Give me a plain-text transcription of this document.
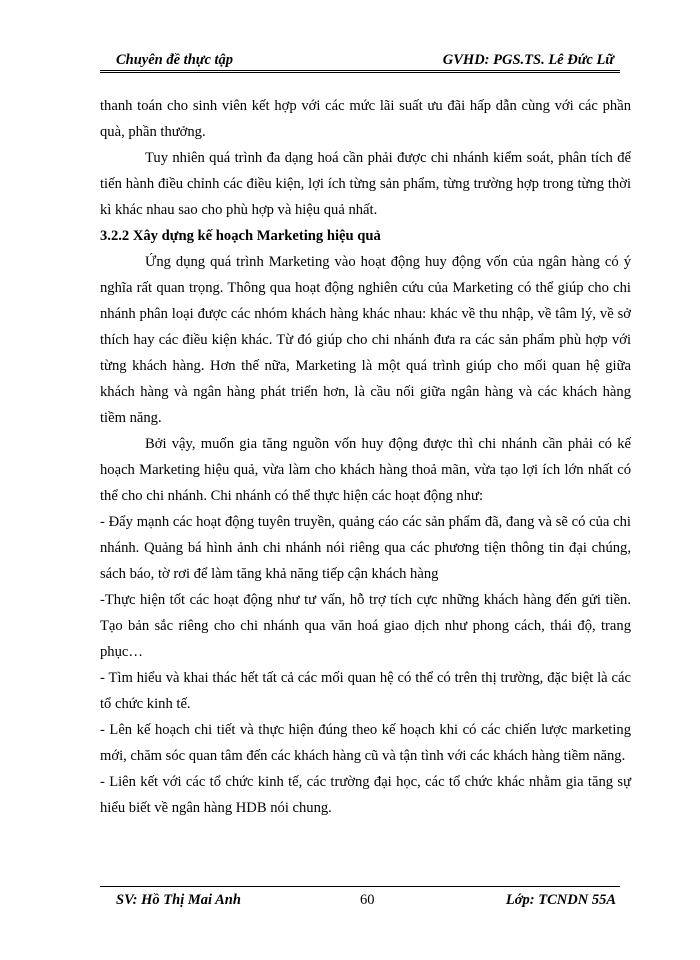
Chuyên đề thực tập	GVHD: PGS.TS. Lê Đức Lữ

thanh toán cho sinh viên kết hợp với các mức lãi suất ưu đãi hấp dẫn cùng với các phần quà, phần thưởng.

Tuy nhiên quá trình đa dạng hoá cần phải được chi nhánh kiểm soát, phân tích để tiến hành điều chỉnh các điều kiện, lợi ích từng sản phẩm, từng trường hợp trong từng thời kì khác nhau sao cho phù hợp và hiệu quả nhất.

3.2.2 Xây dựng kế hoạch Marketing hiệu quả

Ứng dụng quá trình Marketing vào hoạt động huy động vốn của ngân hàng có ý nghĩa rất quan trọng. Thông qua hoạt động nghiên cứu của Marketing có thể giúp cho chi nhánh phân loại được các nhóm khách hàng khác nhau: khác về thu nhập, về tâm lý, về sở thích hay các điều kiện khác. Từ đó giúp cho chi nhánh đưa ra các sản phẩm phù hợp với từng khách hàng. Hơn thế nữa, Marketing là một quá trình giúp cho mối quan hệ giữa khách hàng và ngân hàng phát triển hơn, là cầu nối giữa ngân hàng và các khách hàng tiềm năng.

Bởi vậy, muốn gia tăng nguồn vốn huy động được thì chi nhánh cần phải có kế hoạch Marketing hiệu quả, vừa làm cho khách hàng thoả mãn, vừa tạo lợi ích lớn nhất có thể cho chi nhánh. Chi nhánh có thể thực hiện các hoạt động như:

- Đẩy mạnh các hoạt động tuyên truyền, quảng cáo các sản phẩm đã, đang và sẽ có của chi nhánh. Quảng bá hình ảnh chi nhánh nói riêng qua các phương tiện thông tin đại chúng, sách báo, tờ rơi để làm tăng khả năng tiếp cận khách hàng

-Thực hiện tốt các hoạt động như tư vấn, hỗ trợ tích cực những khách hàng đến gửi tiền. Tạo bản sắc riêng cho chi nhánh qua văn hoá giao dịch như phong cách, thái độ, trang phục…

- Tìm hiểu và khai thác hết tất cả các mối quan hệ có thể có trên thị trường, đặc biệt là các tổ chức kinh tế.

- Lên kế hoạch chi tiết và thực hiện đúng theo kế hoạch khi có các chiến lược marketing mới, chăm sóc quan tâm đến các khách hàng cũ và tận tình với các khách hàng tiềm năng.

- Liên kết với các tổ chức kinh tế, các trường đại học, các tổ chức khác nhằm gia tăng sự hiểu biết về ngân hàng HDB nói chung.

SV: Hồ Thị Mai Anh	60	Lớp: TCNDN 55A
